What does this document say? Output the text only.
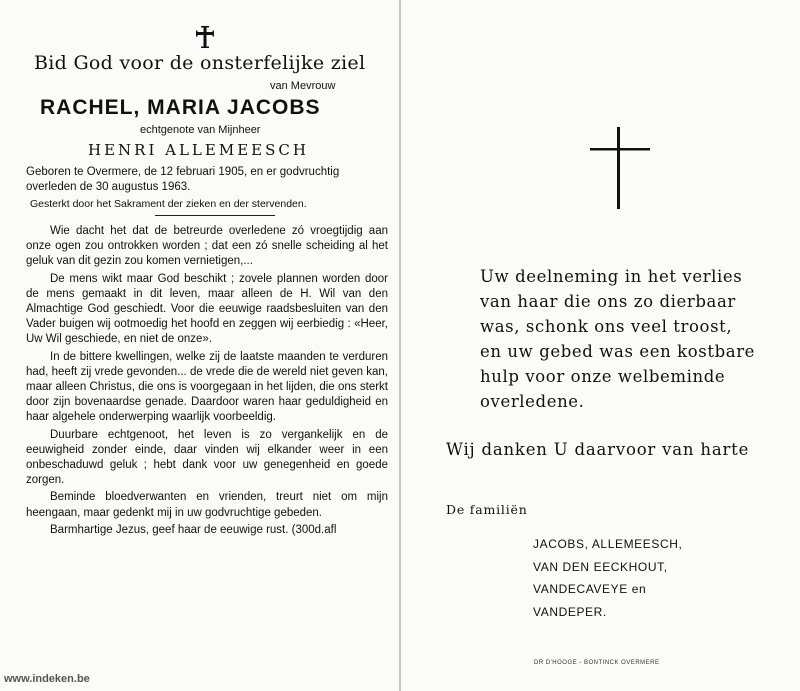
Bid God voor de onsterfelijke ziel
van Mevrouw
RACHEL, MARIA JACOBS
echtgenote van Mijnheer
HENRI ALLEMEESCH
Geboren te Overmere, de 12 februari 1905, en er godvruchtig overleden de 30 augustus 1963.
Gesterkt door het Sakrament der zieken en der stervenden.

Wie dacht het dat de betreurde overledene zó vroegtijdig aan onze ogen zou ontrokken worden ; dat een zó snelle scheiding al het geluk van dit gezin zou komen vernietigen,...

De mens wikt maar God beschikt ; zovele plannen worden door de mens gemaakt in dit leven, maar alleen de H. Wil van den Almachtige God geschiedt. Voor die eeuwige raadsbesluiten van den Vader buigen wij ootmoedig het hoofd en zeggen wij eerbiedig : «Heer, Uw Wil geschiede, en niet de onze».

In de bittere kwellingen, welke zij de laatste maanden te verduren had, heeft zij vrede gevonden... de vrede die de wereld niet geven kan, maar alleen Christus, die ons is voorgegaan in het lijden, die ons sterkt door zijn bovenaardse genade. Daardoor waren haar geduldigheid en haar algehele onderwerping waarlijk voorbeeldig.

Duurbare echtgenoot, het leven is zo vergankelijk en de eeuwigheid zonder einde, daar vinden wij elkander weer in een onbeschaduwd geluk ; hebt dank voor uw genegenheid en goede zorgen.

Beminde bloedverwanten en vrienden, treurt niet om mijn heengaan, maar gedenkt mij in uw godvruchtige gebeden.

Barmhartige Jezus, geef haar de eeuwige rust. (300d.afl

Uw deelneming in het verlies
van haar die ons zo dierbaar
was, schonk ons veel troost,
en uw gebed was een kostbare
hulp voor onze welbeminde
overledene.
Wij danken U daarvoor van harte
De familiën
JACOBS, ALLEMEESCH,
VAN DEN EECKHOUT,
VANDECAVEYE en
VANDEPER.
DR D'HOOGE - BONTINCK OVERMERE
www.indeken.be
